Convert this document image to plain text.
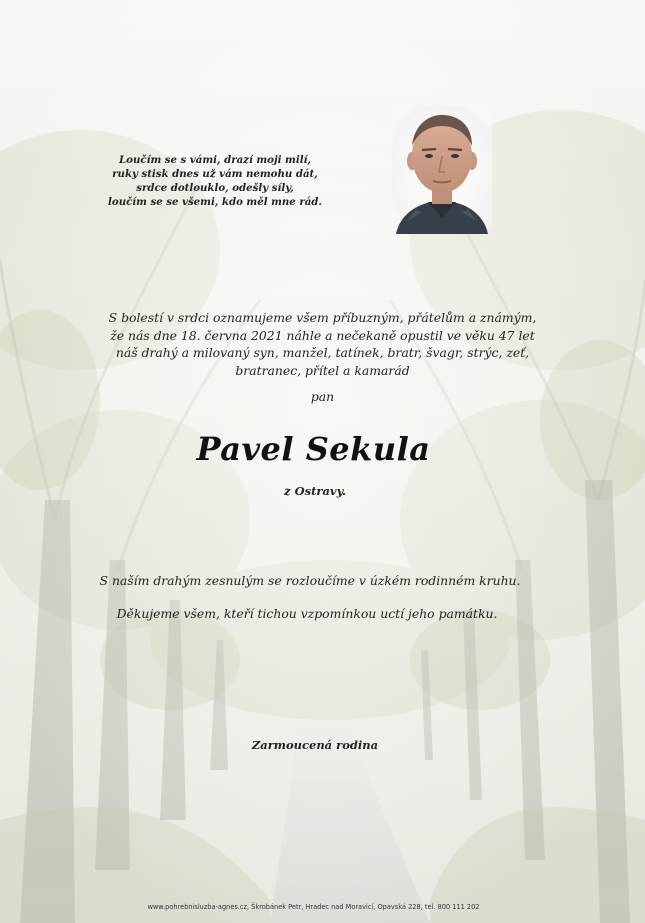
Loučím se s vámi, drazí moji milí,
ruky stisk dnes už vám nemohu dát,
srdce dotlouklo, odešly síly,
loučím se se všemi, kdo měl mne rád.
S bolestí v srdci oznamujeme všem příbuzným, přátelům a známým,
že nás dne 18. června 2021 náhle a nečekaně opustil ve věku 47 let
náš drahý a milovaný syn, manžel, tatínek, bratr, švagr, strýc, zeť,
bratranec, přítel a kamarád
pan
Pavel Sekula
z Ostravy.
S naším drahým zesnulým se rozloučíme v úzkém rodinném kruhu.
Děkujeme všem, kteří tichou vzpomínkou uctí jeho památku.
Zarmoucená rodina
www.pohrebnisluzba-agnes.cz, Škrobánek Petr, Hradec nad Moravicí, Opavská 228, tel. 800 111 202
